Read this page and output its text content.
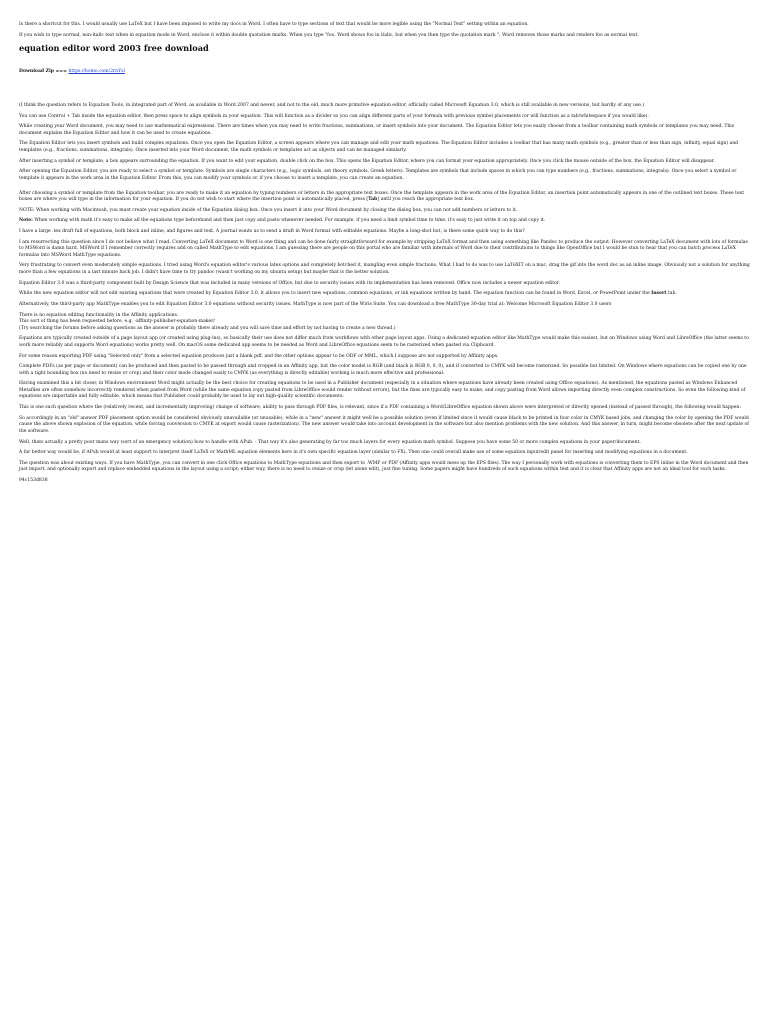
Is there a shortcut for this. I would usually use LaTeX but I have been imposed to write my docs in Word. I often have to type sections of text that would be more legible using the "Normal Text" setting within an equation.

If you wish to type normal, non-italic text when in equation mode in Word, enclose it within double quotation marks. When you type "foo, Word shows foo in italic, but when you then type the quotation mark ", Word removes those marks and renders foo as normal text.

equation editor word 2003 free download
Download Zip === https://bomo.com/2rnYsl

(I think the question refers to Equation Tools, in integrated part of Word, as available in Word 2007 and newer, and not to the old, much more primitive equation editor, officially called Microsoft Equation 3.0, which is still available in new versions, but hardly of any use.)

You can use Control + Tab inside the equation editor, then press space to align symbols in your equation. This will function as a divider so you can align different parts of your formula with previous symbol placements (or will function as a tab/whitespace if you would like).

While creating your Word document, you may need to use mathematical expressions. There are times when you may need to write fractions, summations, or insert symbols into your document. The Equation Editor lets you easily choose from a toolbar containing math symbols or templates you may need. This document explains the Equation Editor and how it can be used to create equations.

The Equation Editor lets you insert symbols and build complex equations. Once you open the Equation Editor, a screen appears where you can manage and edit your math equations. The Equation Editor includes a toolbar that has many math symbols (e.g., greater than or less than sign, infinity, equal sign) and templates (e.g., fractions, summations, integrals). Once inserted into your Word document, the math symbols or templates act as objects and can be managed similarly.

After inserting a symbol or template, a box appears surrounding the equation. If you want to edit your equation, double click on the box. This opens the Equation Editor, where you can format your equation appropriately. Once you click the mouse outside of the box, the Equation Editor will disappear.

After opening the Equation Editor, you are ready to select a symbol or template. Symbols are single characters (e.g., logic symbols, set theory symbols, Greek letters). Templates are symbols that include spaces in which you can type numbers (e.g., fractions, summations, integrals). Once you select a symbol or template it appears in the work area in the Equation Editor. From this, you can modify your symbols or, if you choose to insert a template, you can create an equation.

After choosing a symbol or template from the Equation toolbar, you are ready to make it an equation by typing numbers or letters in the appropriate text boxes. Once the template appears in the work area of the Equation Editor, an insertion point automatically appears in one of the outlined text boxes. These text boxes are where you will type in the information for your equation. If you do not wish to start where the insertion point is automatically placed, press [Tab] until you reach the appropriate text box.

NOTE: When working with Macintosh, you must create your equation inside of the Equation dialog box. Once you insert it into your Word document by closing the dialog box, you can not add numbers or letters to it.

Note: When working with math it's easy to make all the equations type beforehand and then just copy and paste whenever needed. For example, if you need a limit symbol time to time, it's easy to just write it on top and copy it.

I have a large .tex draft full of equations, both block and inline, and figures and text. A journal wants us to send a draft in Word format with editable equations. Maybe a long-shot but, is there some quick way to do this?

I am resurrecting this question since I do not believe what I read. Converting LaTeX document to Word is one thing and can be done fairly straightforward for example by stripping LaTeX format and then using something like Pandoc to produce the output. However converting LaTeX document with lots of formulas to MSWord is damn hard. MSWord if I remember correctly requires add on called MathType to edit equations. I am guessing there are people on this portal who are familiar with internals of Word due to their contributions to things like OpenOffice but I would be stun to hear that you can batch process LaTeX formulas into MSWord MathType equations.

Very frustrating to convert even moderately simple equations. I tried using Word's equation editor's various latex options and completely botched it, mangling even simple fractions. What I had to do was to use LaTeXIT on a mac, drag the gif into the word doc as an inline image. Obviously not a solution for anything more than a few equations in a last minute hack job. I didn't have time to try pandoc (wasn't working on my ubuntu setup) but maybe that is the better solution.

Equation Editor 3.0 was a third-party component built by Design Science that was included in many versions of Office, but due to security issues with its implementation has been removed. Office now includes a newer equation editor.

While the new equation editor will not edit existing equations that were created by Equation Editor 3.0, it allows you to insert new equations, common equations, or ink equations written by hand. The equation function can be found in Word, Excel, or PowerPoint under the Insert tab.

Alternatively, the third-party app MathType enables you to edit Equation Editor 3.0 equations without security issues. MathType is now part of the Wiris Suite. You can download a free MathType 30-day trial at: Welcome Microsoft Equation Editor 3.0 users

There is no equation editing functionality in the Affinity applications.
This sort of thing has been requested before, e.g. -affinity-publisher-equation-maker/
(Try searching the forums before asking questions as the answer is probably there already and you will save time and effort by not having to create a new thread.)

Equations are typically created outside of a page layout app (or created using plug-ins), so basically their use does not differ much from workflows with other page layout apps. Using a dedicated equation editor like MathType would make this easiest, but on Windows using Word and LibreOffice (the latter seems to work more reliably and supports Word equations) works pretty well. On macOS some dedicated app seems to be needed as Word and LibreOffice equations seem to be rasterized when pasted via Clipboard.

For some reason exporting PDF using "Selected only" from a selected equation produces just a blank pdf, and the other options appear to be ODF or MML, which I suppose are not supported by Affinity apps.

Complete PDFs (as per page or document) can be produced and then pasted to be passed through and cropped in an Affinity app, but the color model is RGB (and black is RGB 0, 0, 0), and if converted to CMYK will become rasterized. So possible but limited. On Windows where equations can be copied one by one with a tight bounding box (no need to resize or crop) and their color mode changed easily to CMYK (as everything is directly editable) working is much more effective and professional.

Having examined this a bit closer, in Windows environment Word might actually be the best choice for creating equations to be used in a Publisher document (especially in a situation where equations have already been created using Office equations). As mentioned, the equations pasted as Windows Enhanced Metafiles are often somehow incorrectly rendered when pasted from Word (while the same equation copy pasted from LibreOffice would render without errors), but the fixes are typically easy to make, and copy pasting from Word allows importing directly even complex constructions. So even the following kind of equations are importable and fully editable, which means that Publisher could probably be used to lay out high-quality scientific documents:

This is one such question where the (relatively recent, and incrementally improving) change of software, ability to pass through PDF files, is relevant, since if a PDF containing a Word/LibreOffice equation shown above were interpreted or directly opened (instead of passed through), the following would happen:

So accordingly in an "old" answer PDF placement option would be considered obviously unavailable (or unusable), while in a "new" answer it might well be a possible solution (even if limited since it would cause black to be printed in four color in CMYK based jobs, and changing the color by opening the PDF would cause the above shown explosion of the equation, while forcing conversion to CMYK at export would cause rasterization). The new answer would take into account development in the software but also mention problems with the new solution. And this answer, in turn, might become obsolete after the next update of the software.

Well, thats actually a pretty poor mans way (sort of an emergency solution) how to handle with APub. - That way it's also generating by far too much layers for every equation math symbol. Suppose you have some 50 or more complex equations in your paper/document.

A far better way would be, if APub would at least support to interpret itself LaTeX or MathML equation elements here in it's own specific equation layer (similar to FX). Then one could overall make use of some equation input/edit panel for inserting and modifying equations in a document.

The question was about existing ways. If you have MathType, you can convert in one click Office equations to MathType equations and then export to .WMF or PDF (Affinity apps would mess up the EPS files). The way I personally work with equations is converting them to EPS inline in the Word document and then just import, and optionally export and replace embedded equations in the layout using a script; either way, there is no need to resize or crop (let alone edit), just fine tuning. Some papers might have hundreds of such equations within text and it is clear that Affinity apps are not an ideal tool for such tasks.

94c153d838
